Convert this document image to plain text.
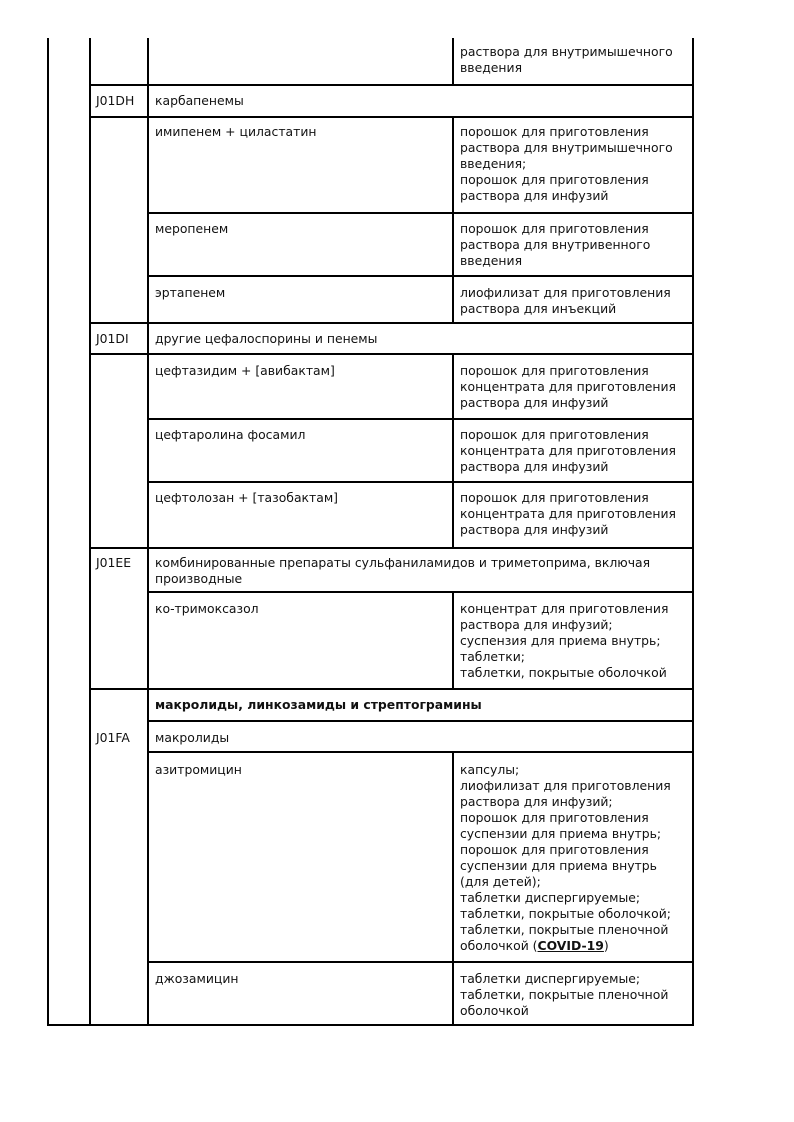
раствора для внутримышечного
введения
J01DH карбапенемы
имипенем + циластатин	порошок для приготовления
раствора для внутримышечного
введения;
порошок для приготовления
раствора для инфузий
меропенем	порошок для приготовления
раствора для внутривенного
введения
эртапенем	лиофилизат для приготовления
раствора для инъекций
J01DI другие цефалоспорины и пенемы
цефтазидим + [авибактам]	порошок для приготовления
концентрата для приготовления
раствора для инфузий
цефтаролина фосамил	порошок для приготовления
концентрата для приготовления
раствора для инфузий
цефтолозан + [тазобактам]	порошок для приготовления
концентрата для приготовления
раствора для инфузий
J01EE комбинированные препараты сульфаниламидов и триметоприма, включая
производные
ко-тримоксазол	концентрат для приготовления
раствора для инфузий;
суспензия для приема внутрь;
таблетки;
таблетки, покрытые оболочкой
макролиды, линкозамиды и стрептограмины
J01FA макролиды
азитромицин	капсулы;
лиофилизат для приготовления
раствора для инфузий;
порошок для приготовления
суспензии для приема внутрь;
порошок для приготовления
суспензии для приема внутрь
(для детей);
таблетки диспергируемые;
таблетки, покрытые оболочкой;
таблетки, покрытые пленочной
оболочкой (COVID-19)
джозамицин	таблетки диспергируемые;
таблетки, покрытые пленочной
оболочкой
